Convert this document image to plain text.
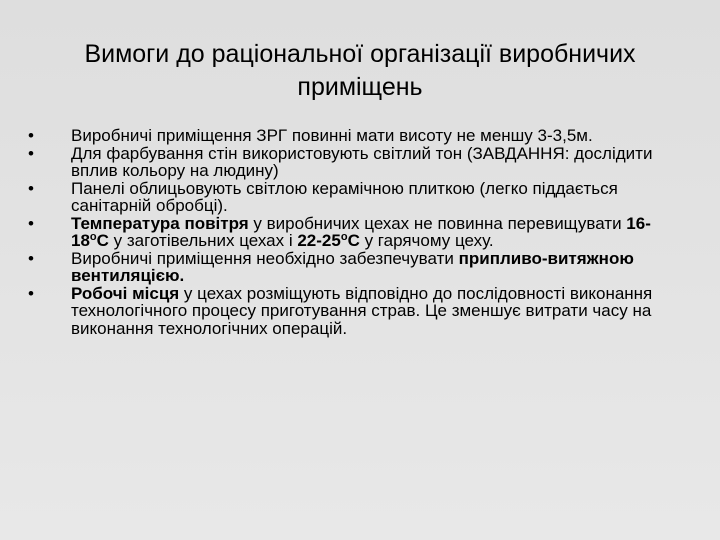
Вимоги до раціональної організації виробничих
приміщень
•	Виробничі приміщення ЗРГ повинні мати висоту не меншу 3-3,5м.
•	Для фарбування стін використовують світлий тон (ЗАВДАННЯ: дослідити вплив кольору на людину)
•	Панелі облицьовують світлою керамічною плиткою (легко піддається санітарній обробці).
•	Температура повітря у виробничих цехах не повинна перевищувати $16-18^оС$ у заготівельних цехах і $22-25^оС$ у гарячому цеху.
•	Виробничі приміщення необхідно забезпечувати припливо-витяжною вентиляцією.
•	Робочі місця у цехах розміщують відповідно до послідовності виконання технологічного процесу приготування страв. Це зменшує витрати часу на виконання технологічних операцій.
